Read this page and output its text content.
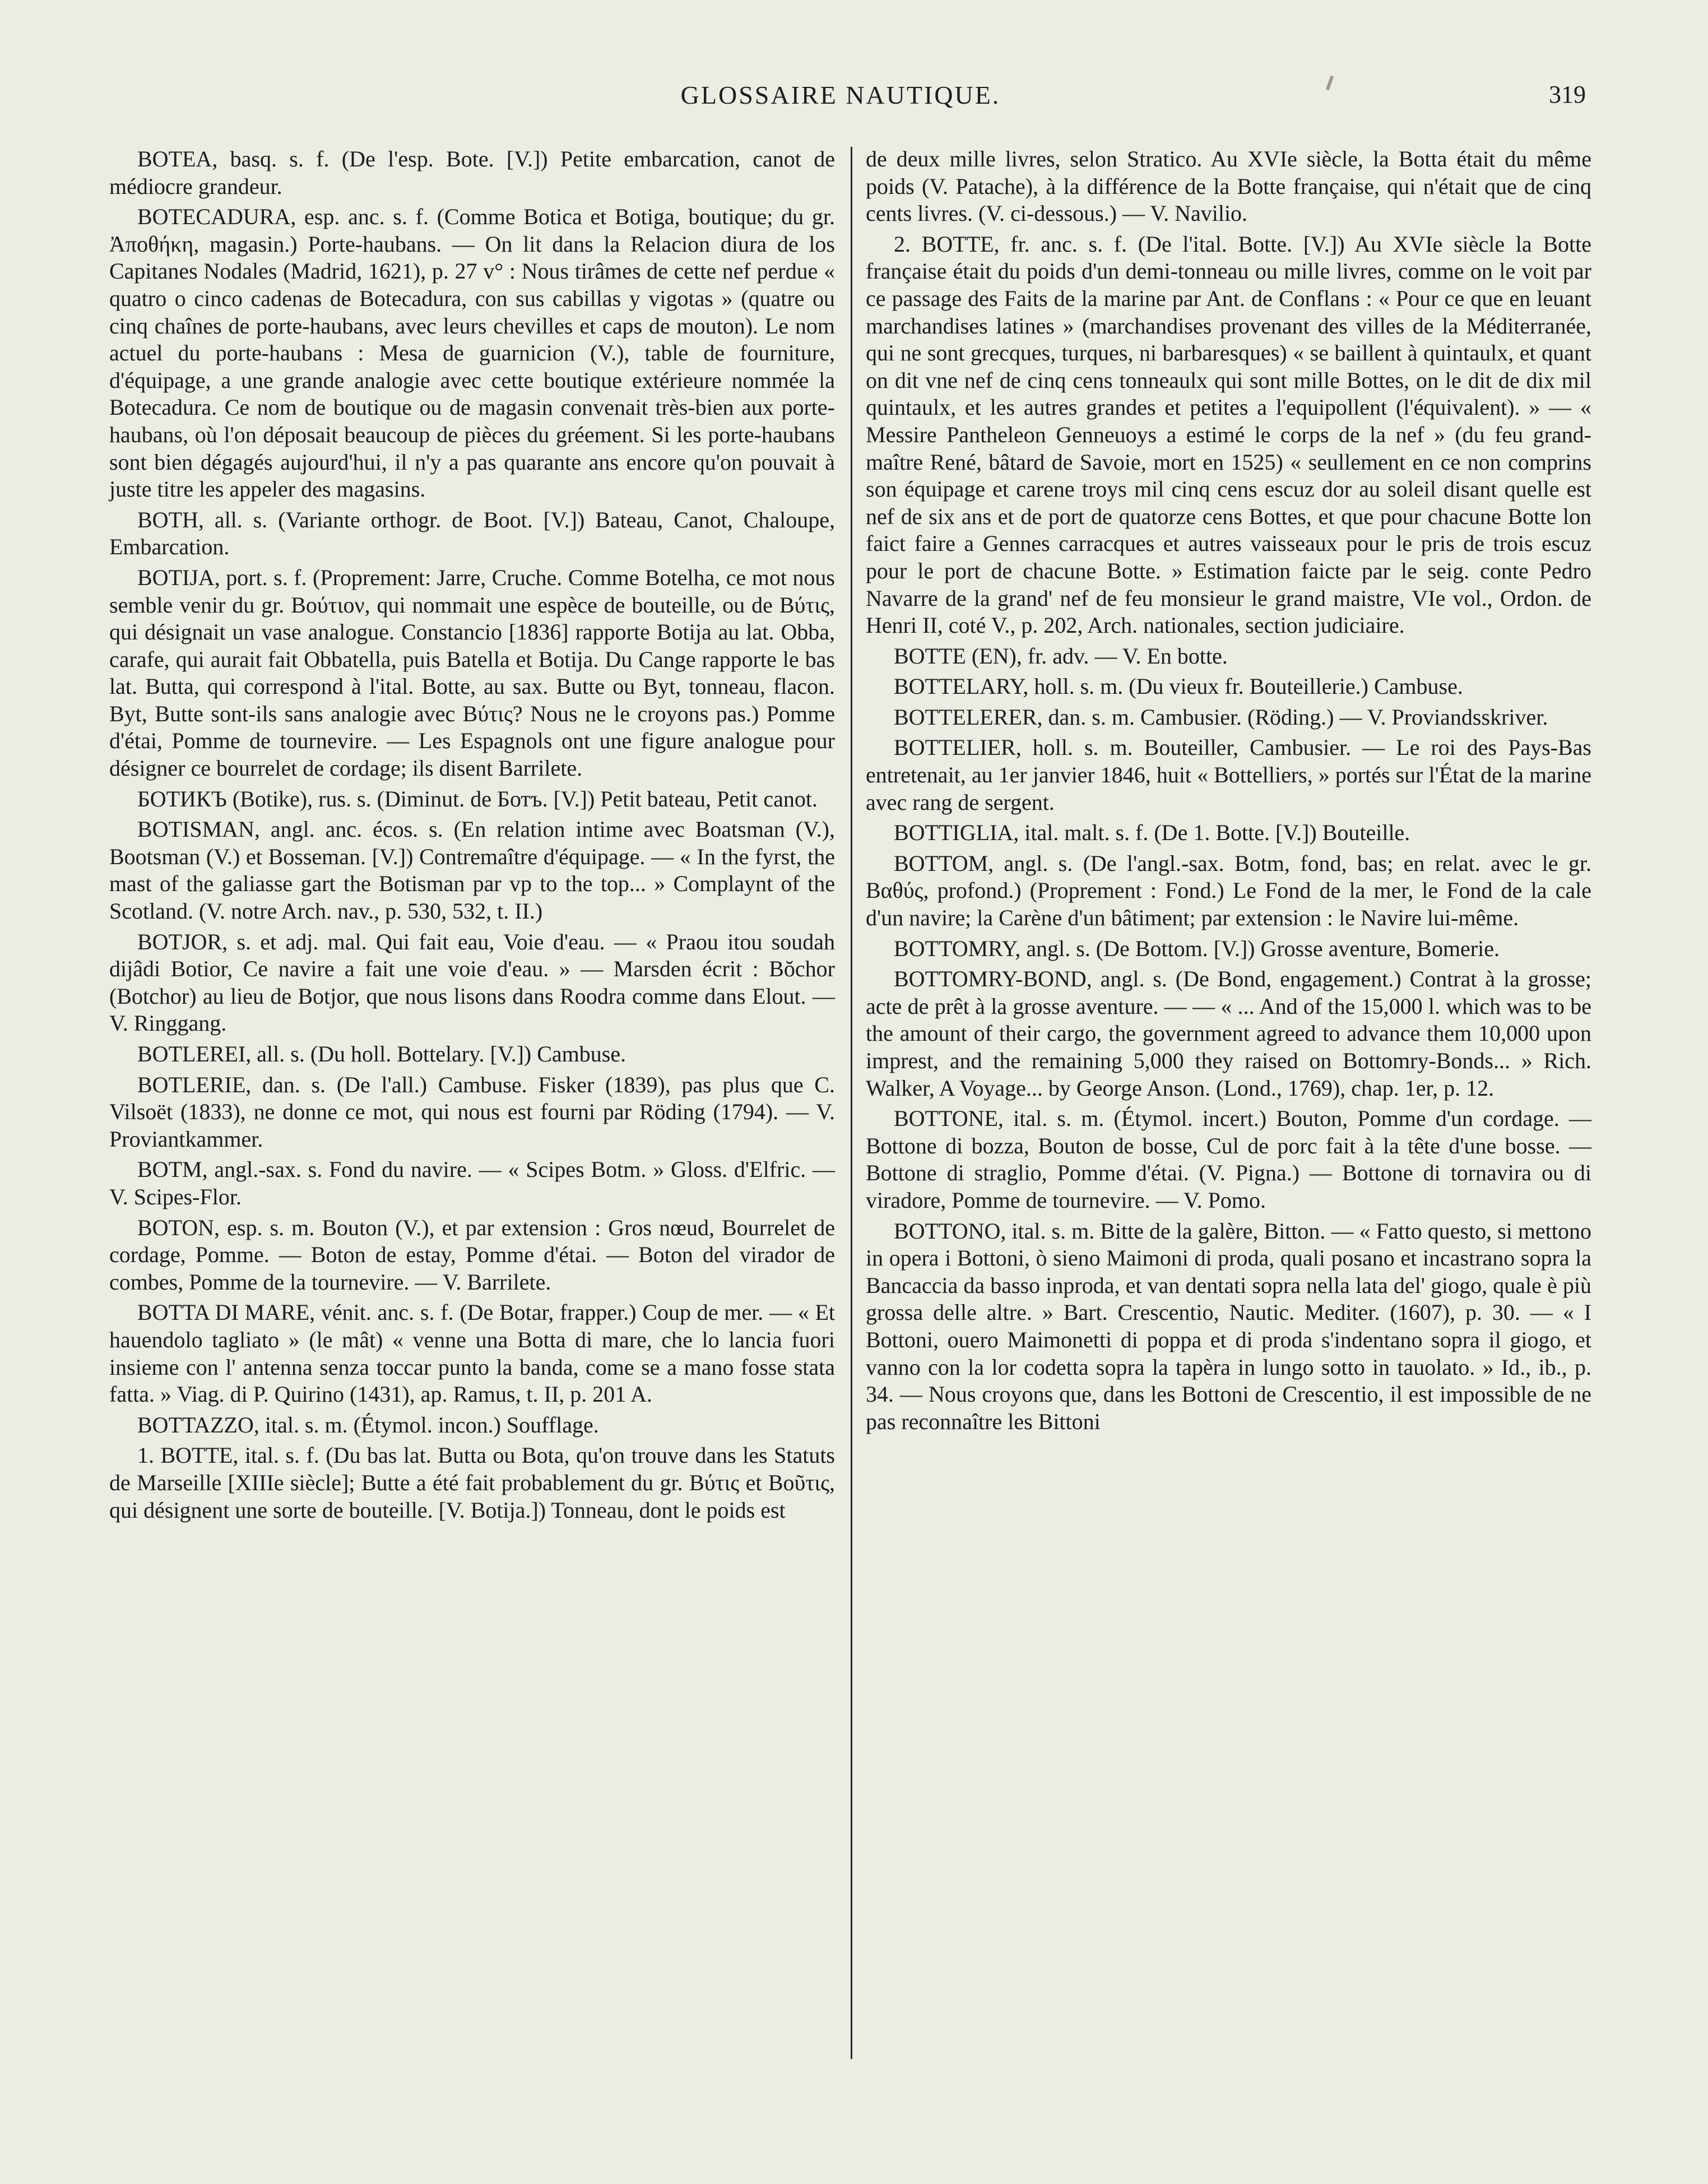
GLOSSAIRE NAUTIQUE.	319

BOTEA, basq. s. f. (De l'esp. Bote. [V.]) Petite embarcation, canot de médiocre grandeur.

BOTECADURA, esp. anc. s. f. (Comme Botica et Botiga, boutique; du gr. Ἀποθήκη, magasin.) Porte-haubans. — On lit dans la Relacion diura de los Capitanes Nodales (Madrid, 1621), p. 27 v° : Nous tirâmes de cette nef perdue « quatro o cinco cadenas de Botecadura, con sus cabillas y vigotas » (quatre ou cinq chaînes de porte-haubans, avec leurs chevilles et caps de mouton). Le nom actuel du porte-haubans : Mesa de guarnicion (V.), table de fourniture, d'équipage, a une grande analogie avec cette boutique extérieure nommée la Botecadura. Ce nom de boutique ou de magasin convenait très-bien aux porte-haubans, où l'on déposait beaucoup de pièces du gréement. Si les porte-haubans sont bien dégagés aujourd'hui, il n'y a pas quarante ans encore qu'on pouvait à juste titre les appeler des magasins.

BOTH, all. s. (Variante orthogr. de Boot. [V.]) Bateau, Canot, Chaloupe, Embarcation.

BOTIJA, port. s. f. (Proprement: Jarre, Cruche. Comme Botelha, ce mot nous semble venir du gr. Βούτιον, qui nommait une espèce de bouteille, ou de Βύτις, qui désignait un vase analogue. Constancio [1836] rapporte Botija au lat. Obba, carafe, qui aurait fait Obbatella, puis Batella et Botija. Du Cange rapporte le bas lat. Butta, qui correspond à l'ital. Botte, au sax. Butte ou Byt, tonneau, flacon. Byt, Butte sont-ils sans analogie avec Βύτις? Nous ne le croyons pas.) Pomme d'étai, Pomme de tournevire. — Les Espagnols ont une figure analogue pour désigner ce bourrelet de cordage; ils disent Barrilete.

БОТИКЪ (Botike), rus. s. (Diminut. de Ботъ. [V.]) Petit bateau, Petit canot.

BOTISMAN, angl. anc. écos. s. (En relation intime avec Boatsman (V.), Bootsman (V.) et Bosseman. [V.]) Contremaître d'équipage. — « In the fyrst, the mast of the galiasse gart the Botisman par vp to the top... » Complaynt of the Scotland. (V. notre Arch. nav., p. 530, 532, t. II.)

BOTJOR, s. et adj. mal. Qui fait eau, Voie d'eau. — « Praou itou soudah dijâdi Botior, Ce navire a fait une voie d'eau. » — Marsden écrit : Bŏchor (Botchor) au lieu de Botjor, que nous lisons dans Roodra comme dans Elout. — V. Ringgang.

BOTLEREI, all. s. (Du holl. Bottelary. [V.]) Cambuse.

BOTLERIE, dan. s. (De l'all.) Cambuse. Fisker (1839), pas plus que C. Vilsoët (1833), ne donne ce mot, qui nous est fourni par Röding (1794). — V. Proviantkammer.

BOTM, angl.-sax. s. Fond du navire. — « Scipes Botm. » Gloss. d'Elfric. — V. Scipes-Flor.

BOTON, esp. s. m. Bouton (V.), et par extension : Gros nœud, Bourrelet de cordage, Pomme. — Boton de estay, Pomme d'étai. — Boton del virador de combes, Pomme de la tournevire. — V. Barrilete.

BOTTA DI MARE, vénit. anc. s. f. (De Botar, frapper.) Coup de mer. — « Et hauendolo tagliato » (le mât) « venne una Botta di mare, che lo lancia fuori insieme con l' antenna senza toccar punto la banda, come se a mano fosse stata fatta. » Viag. di P. Quirino (1431), ap. Ramus, t. II, p. 201 A.

BOTTAZZO, ital. s. m. (Étymol. incon.) Soufflage.

1. BOTTE, ital. s. f. (Du bas lat. Butta ou Bota, qu'on trouve dans les Statuts de Marseille [XIIIe siècle]; Butte a été fait probablement du gr. Βύτις et Βοῦτις, qui désignent une sorte de bouteille. [V. Botija.]) Tonneau, dont le poids est

de deux mille livres, selon Stratico. Au XVIe siècle, la Botta était du même poids (V. Patache), à la différence de la Botte française, qui n'était que de cinq cents livres. (V. ci-dessous.) — V. Navilio.

2. BOTTE, fr. anc. s. f. (De l'ital. Botte. [V.]) Au XVIe siècle la Botte française était du poids d'un demi-tonneau ou mille livres, comme on le voit par ce passage des Faits de la marine par Ant. de Conflans : « Pour ce que en leuant marchandises latines » (marchandises provenant des villes de la Méditerranée, qui ne sont grecques, turques, ni barbaresques) « se baillent à quintaulx, et quant on dit vne nef de cinq cens tonneaulx qui sont mille Bottes, on le dit de dix mil quintaulx, et les autres grandes et petites a l'equipollent (l'équivalent). » — « Messire Pantheleon Genneuoys a estimé le corps de la nef » (du feu grand-maître René, bâtard de Savoie, mort en 1525) « seullement en ce non comprins son équipage et carene troys mil cinq cens escuz dor au soleil disant quelle est nef de six ans et de port de quatorze cens Bottes, et que pour chacune Botte lon faict faire a Gennes carracques et autres vaisseaux pour le pris de trois escuz pour le port de chacune Botte. » Estimation faicte par le seig. conte Pedro Navarre de la grand' nef de feu monsieur le grand maistre, VIe vol., Ordon. de Henri II, coté V., p. 202, Arch. nationales, section judiciaire.

BOTTE (EN), fr. adv. — V. En botte.

BOTTELARY, holl. s. m. (Du vieux fr. Bouteillerie.) Cambuse.

BOTTELERER, dan. s. m. Cambusier. (Röding.) — V. Proviandsskriver.

BOTTELIER, holl. s. m. Bouteiller, Cambusier. — Le roi des Pays-Bas entretenait, au 1er janvier 1846, huit « Bottelliers, » portés sur l'État de la marine avec rang de sergent.

BOTTIGLIA, ital. malt. s. f. (De 1. Botte. [V.]) Bouteille.

BOTTOM, angl. s. (De l'angl.-sax. Botm, fond, bas; en relat. avec le gr. Βαθύς, profond.) (Proprement : Fond.) Le Fond de la mer, le Fond de la cale d'un navire; la Carène d'un bâtiment; par extension : le Navire lui-même.

BOTTOMRY, angl. s. (De Bottom. [V.]) Grosse aventure, Bomerie.

BOTTOMRY-BOND, angl. s. (De Bond, engagement.) Contrat à la grosse; acte de prêt à la grosse aventure. — — « ... And of the 15,000 l. which was to be the amount of their cargo, the government agreed to advance them 10,000 upon imprest, and the remaining 5,000 they raised on Bottomry-Bonds... » Rich. Walker, A Voyage... by George Anson. (Lond., 1769), chap. 1er, p. 12.

BOTTONE, ital. s. m. (Étymol. incert.) Bouton, Pomme d'un cordage. — Bottone di bozza, Bouton de bosse, Cul de porc fait à la tête d'une bosse. — Bottone di straglio, Pomme d'étai. (V. Pigna.) — Bottone di tornavira ou di viradore, Pomme de tournevire. — V. Pomo.

BOTTONO, ital. s. m. Bitte de la galère, Bitton. — « Fatto questo, si mettono in opera i Bottoni, ò sieno Maimoni di proda, quali posano et incastrano sopra la Bancaccia da basso inproda, et van dentati sopra nella lata del' giogo, quale è più grossa delle altre. » Bart. Crescentio, Nautic. Mediter. (1607), p. 30. — « I Bottoni, ouero Maimonetti di poppa et di proda s'indentano sopra il giogo, et vanno con la lor codetta sopra la tapèra in lungo sotto in tauolato. » Id., ib., p. 34. — Nous croyons que, dans les Bottoni de Crescentio, il est impossible de ne pas reconnaître les Bittoni
